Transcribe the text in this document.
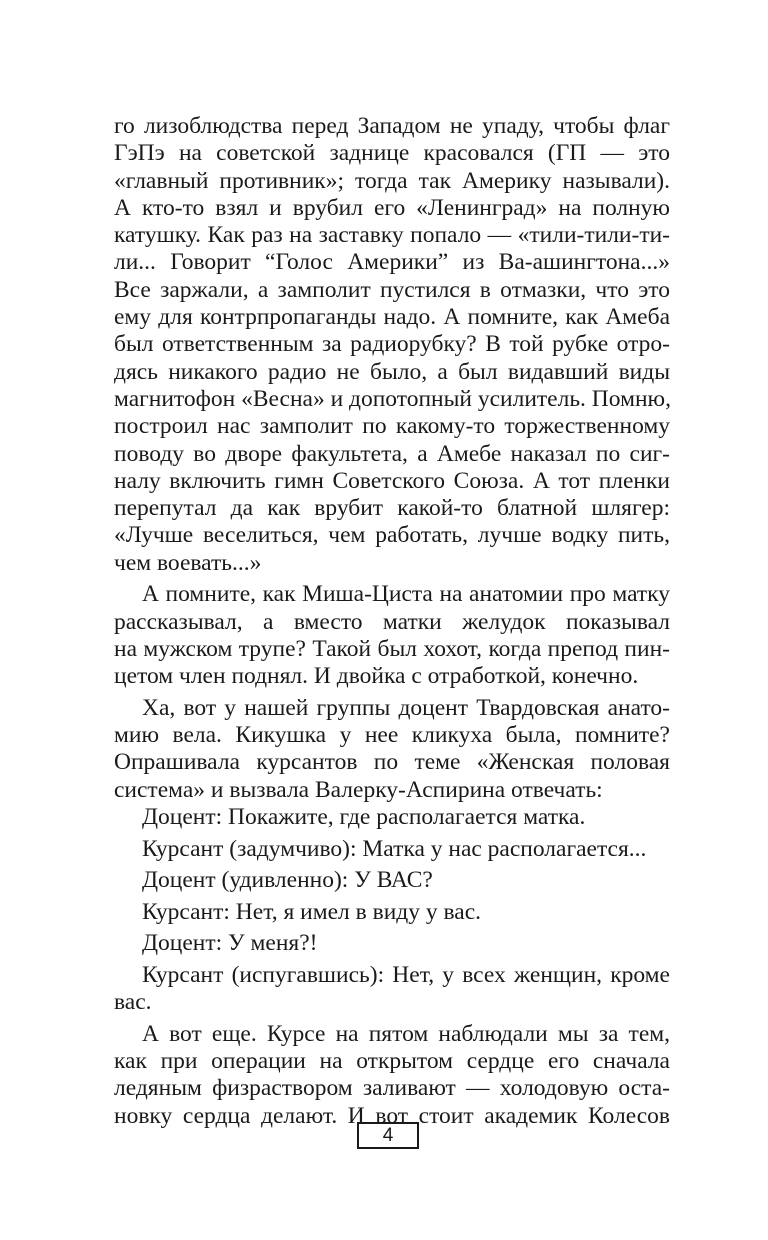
го лизоблюдства перед Западом не упаду, чтобы флаг
ГэПэ на советской заднице красовался (ГП — это
«главный противник»; тогда так Америку называли).
А кто-то взял и врубил его «Ленинград» на полную
катушку. Как раз на заставку попало — «тили-тили-ти-
ли... Говорит “Голос Америки” из Ва-ашингтона...»
Все заржали, а замполит пустился в отмазки, что это
ему для контрпропаганды надо. А помните, как Амеба
был ответственным за радиорубку? В той рубке отро-
дясь никакого радио не было, а был видавший виды
магнитофон «Весна» и допотопный усилитель. Помню,
построил нас замполит по какому-то торжественному
поводу во дворе факультета, а Амебе наказал по сиг-
налу включить гимн Советского Союза. А тот пленки
перепутал да как врубит какой-то блатной шлягер:
«Лучше веселиться, чем работать, лучше водку пить,
чем воевать...»
А помните, как Миша-Циста на анатомии про матку
рассказывал, а вместо матки желудок показывал
на мужском трупе? Такой был хохот, когда препод пин-
цетом член поднял. И двойка с отработкой, конечно.
Ха, вот у нашей группы доцент Твардовская анато-
мию вела. Кикушка у нее кликуха была, помните?
Опрашивала курсантов по теме «Женская половая
система» и вызвала Валерку-Аспирина отвечать:
Доцент: Покажите, где располагается матка.
Курсант (задумчиво): Матка у нас располагается...
Доцент (удивленно): У ВАС?
Курсант: Нет, я имел в виду у вас.
Доцент: У меня?!
Курсант (испугавшись): Нет, у всех женщин, кроме
вас.
А вот еще. Курсе на пятом наблюдали мы за тем,
как при операции на открытом сердце его сначала
ледяным физраствором заливают — холодовую оста-
новку сердца делают. И вот стоит академик Колесов
4
